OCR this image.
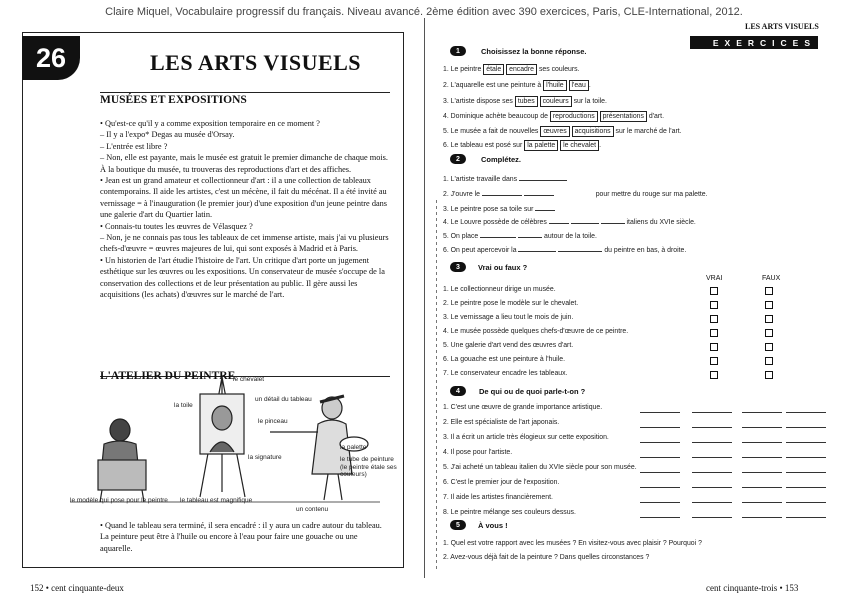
Claire Miquel, Vocabulaire progressif du français. Niveau avancé. 2ème édition avec 390 exercices, Paris, CLE-International, 2012.
26	LES ARTS VISUELS
MUSÉES ET EXPOSITIONS

• Qu'est-ce qu'il y a comme exposition temporaire en ce moment ?

– Il y a l'expo* Degas au musée d'Orsay.

– L'entrée est libre ?

– Non, elle est payante, mais le musée est gratuit le premier dimanche de chaque mois. À la boutique du musée, tu trouveras des reproductions d'art et des affiches.

• Jean est un grand amateur et collectionneur d'art : il a une collection de tableaux contemporains. Il aide les artistes, c'est un mécène, il fait du mécénat. Il a été invité au vernissage = à l'inauguration (le premier jour) d'une exposition d'un jeune peintre dans une galerie d'art du Quartier latin.

• Connais-tu toutes les œuvres de Vélasquez ?

– Non, je ne connais pas tous les tableaux de cet immense artiste, mais j'ai vu plusieurs chefs-d'œuvre = œuvres majeures de lui, qui sont exposés à Madrid et à Paris.

• Un historien de l'art étudie l'histoire de l'art. Un critique d'art porte un jugement esthétique sur les œuvres ou les expositions. Un conservateur de musée s'occupe de la conservation des collections et de leur présentation au public. Il gère aussi les acquisitions (les achats) d'œuvres sur le marché de l'art.

L'ATELIER DU PEINTRE
le chevalet
un détail du tableau
la toile
le pinceau
la palette
la signature	le tube de peinture (le peintre étale ses couleurs)
le modèle qui pose pour le peintre le tableau est magnifique
un contenu
• Quand le tableau sera terminé, il sera encadré : il y aura un cadre autour du tableau. La peinture peut être à l'huile ou encore à l'eau pour faire une gouache ou une aquarelle.
152 • cent cinquante-deux
LES ARTS VISUELS
EXERCICES
1	Choisissez la bonne réponse.
1. Le peintre étale encadre ses couleurs.
2. L'aquarelle est une peinture à l'huile l'eau .
3. L'artiste dispose ses tubes couleurs sur la toile.
4. Dominique achète beaucoup de reproductions présentations d'art.
5. Le musée a fait de nouvelles œuvres acquisitions sur le marché de l'art.
6. Le tableau est posé sur la palette le chevalet .
2	Complétez.
1. L'artiste travaille dans
2. J'ouvre le	pour mettre du rouge sur ma palette.
3. Le peintre pose sa toile sur
4. Le Louvre possède de célèbres	italiens du XVIe siècle.
5. On place	autour de la toile.
6. On peut apercevoir la	du peintre en bas, à droite.
3	Vrai ou faux ?
VRAI	FAUX
1. Le collectionneur dirige un musée.
2. Le peintre pose le modèle sur le chevalet.
3. Le vernissage a lieu tout le mois de juin.
4. Le musée possède quelques chefs-d'œuvre de ce peintre.
5. Une galerie d'art vend des œuvres d'art.
6. La gouache est une peinture à l'huile.
7. Le conservateur encadre les tableaux.
4	De qui ou de quoi parle-t-on ?
1. C'est une œuvre de grande importance artistique.
2. Elle est spécialiste de l'art japonais.
3. Il a écrit un article très élogieux sur cette exposition.
4. Il pose pour l'artiste.
5. J'ai acheté un tableau italien du XVIe siècle pour son musée.
6. C'est le premier jour de l'exposition.
7. Il aide les artistes financièrement.
8. Le peintre mélange ses couleurs dessus.
5	À vous !
1. Quel est votre rapport avec les musées ? En visitez-vous avec plaisir ? Pourquoi ?
2. Avez-vous déjà fait de la peinture ? Dans quelles circonstances ?
cent cinquante-trois • 153
